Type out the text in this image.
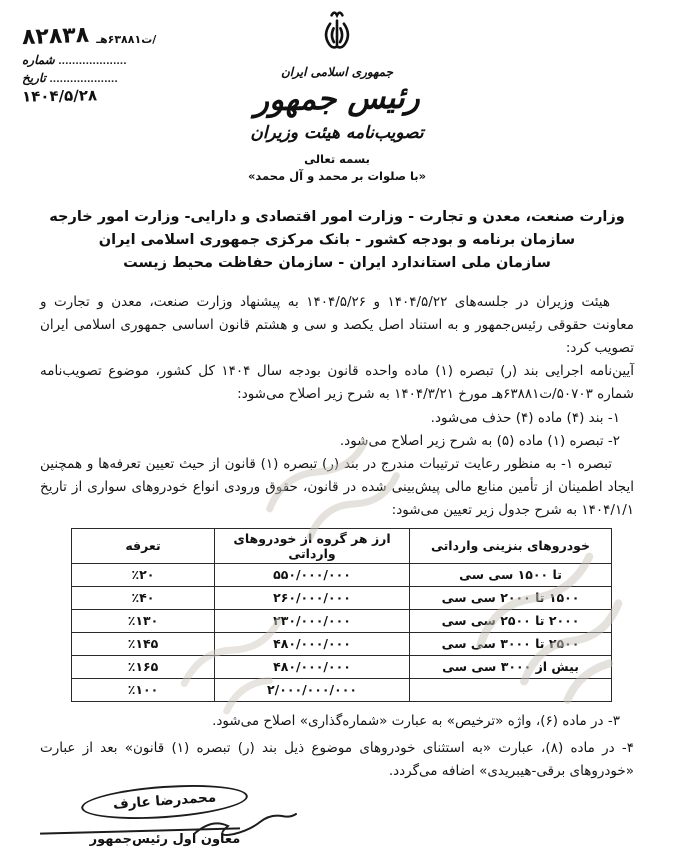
جمهوری اسلامی ایران
رئیس جمهور
تصویب‌نامه هیئت وزیران
بسمه تعالی
«با صلوات بر محمد و آل محمد»
/ت۶۳۸۸۱هـ ۸۲۸۳۸
.................... شماره
.................... تاریخ
۱۴۰۴/۵/۲۸
وزارت صنعت، معدن و تجارت - وزارت امور اقتصادی و دارایی- وزارت امور خارجه
سازمان برنامه و بودجه کشور - بانک مرکزی جمهوری اسلامی ایران
سازمان ملی استاندارد ایران - سازمان حفاظت محیط زیست

هیئت وزیران در جلسه‌های ۱۴۰۴/۵/۲۲ و ۱۴۰۴/۵/۲۶ به پیشنهاد وزارت صنعت، معدن و تجارت و معاونت حقوقی رئیس‌جمهور و به استناد اصل یکصد و سی و هشتم قانون اساسی جمهوری اسلامی ایران تصویب کرد:

آیین‌نامه اجرایی بند (ر) تبصره (۱) ماده واحده قانون بودجه سال ۱۴۰۴ کل کشور، موضوع تصویب‌نامه شماره ۵۰۷۰۳/ت۶۳۸۸۱هـ مورخ ۱۴۰۴/۳/۲۱ به شرح زیر اصلاح می‌شود:

۱- بند (۴) ماده (۴) حذف می‌شود.
۲- تبصره (۱) ماده (۵) به شرح زیر اصلاح می‌شود.

تبصره ۱- به منظور رعایت ترتیبات مندرج در بند (ر) تبصره (۱) قانون از حیث تعیین تعرفه‌ها و همچنین ایجاد اطمینان از تأمین منابع مالی پیش‌بینی شده در قانون، حقوق ورودی انواع خودروهای سواری از تاریخ ۱۴۰۴/۱/۱ به شرح جدول زیر تعیین می‌شود:

خودروهای بنزینی وارداتی	ارز هر گروه از خودروهای وارداتی	تعرفه
تا ۱۵۰۰ سی سی	۵۵۰/۰۰۰/۰۰۰	٪۲۰
۱۵۰۰ تا ۲۰۰۰ سی سی	۲۶۰/۰۰۰/۰۰۰	٪۴۰
۲۰۰۰ تا ۲۵۰۰ سی سی	۲۳۰/۰۰۰/۰۰۰	٪۱۳۰
۲۵۰۰ تا ۳۰۰۰ سی سی	۴۸۰/۰۰۰/۰۰۰	٪۱۴۵
بیش از ۳۰۰۰ سی سی	۴۸۰/۰۰۰/۰۰۰	٪۱۶۵
	۲/۰۰۰/۰۰۰/۰۰۰	٪۱۰۰
۳- در ماده (۶)، واژه «ترخیص» به عبارت «شماره‌گذاری» اصلاح می‌شود.

۴- در ماده (۸)، عبارت «به استثنای خودروهای موضوع ذیل بند (ر) تبصره (۱) قانون» بعد از عبارت «خودروهای برقی-هیبریدی» اضافه می‌گردد.

محمدرضا عارف
معاون اول رئیس‌جمهور
